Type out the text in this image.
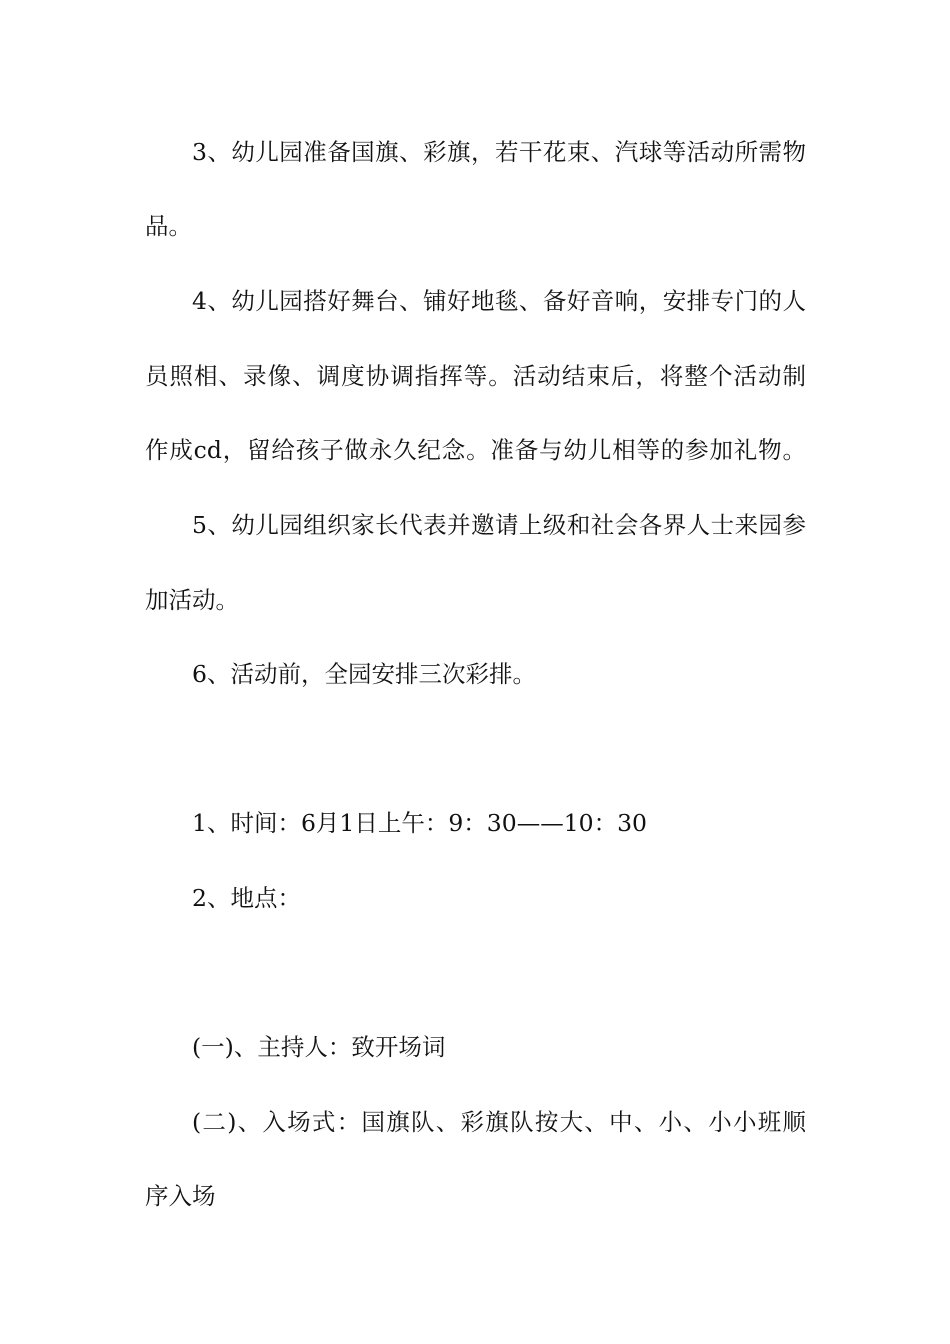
3、幼儿园准备国旗、彩旗，若干花束、汽球等活动所需物

品。

4、幼儿园搭好舞台、铺好地毯、备好音响，安排专门的人

员照相、录像、调度协调指挥等。活动结束后，将整个活动制

作成cd，留给孩子做永久纪念。准备与幼儿相等的参加礼物。

5、幼儿园组织家长代表并邀请上级和社会各界人士来园参

加活动。

6、活动前，全园安排三次彩排。

1、时间：6月1日上午：9：30——10：30

2、地点：

(一)、主持人：致开场词

(二)、入场式：国旗队、彩旗队按大、中、小、小小班顺

序入场
